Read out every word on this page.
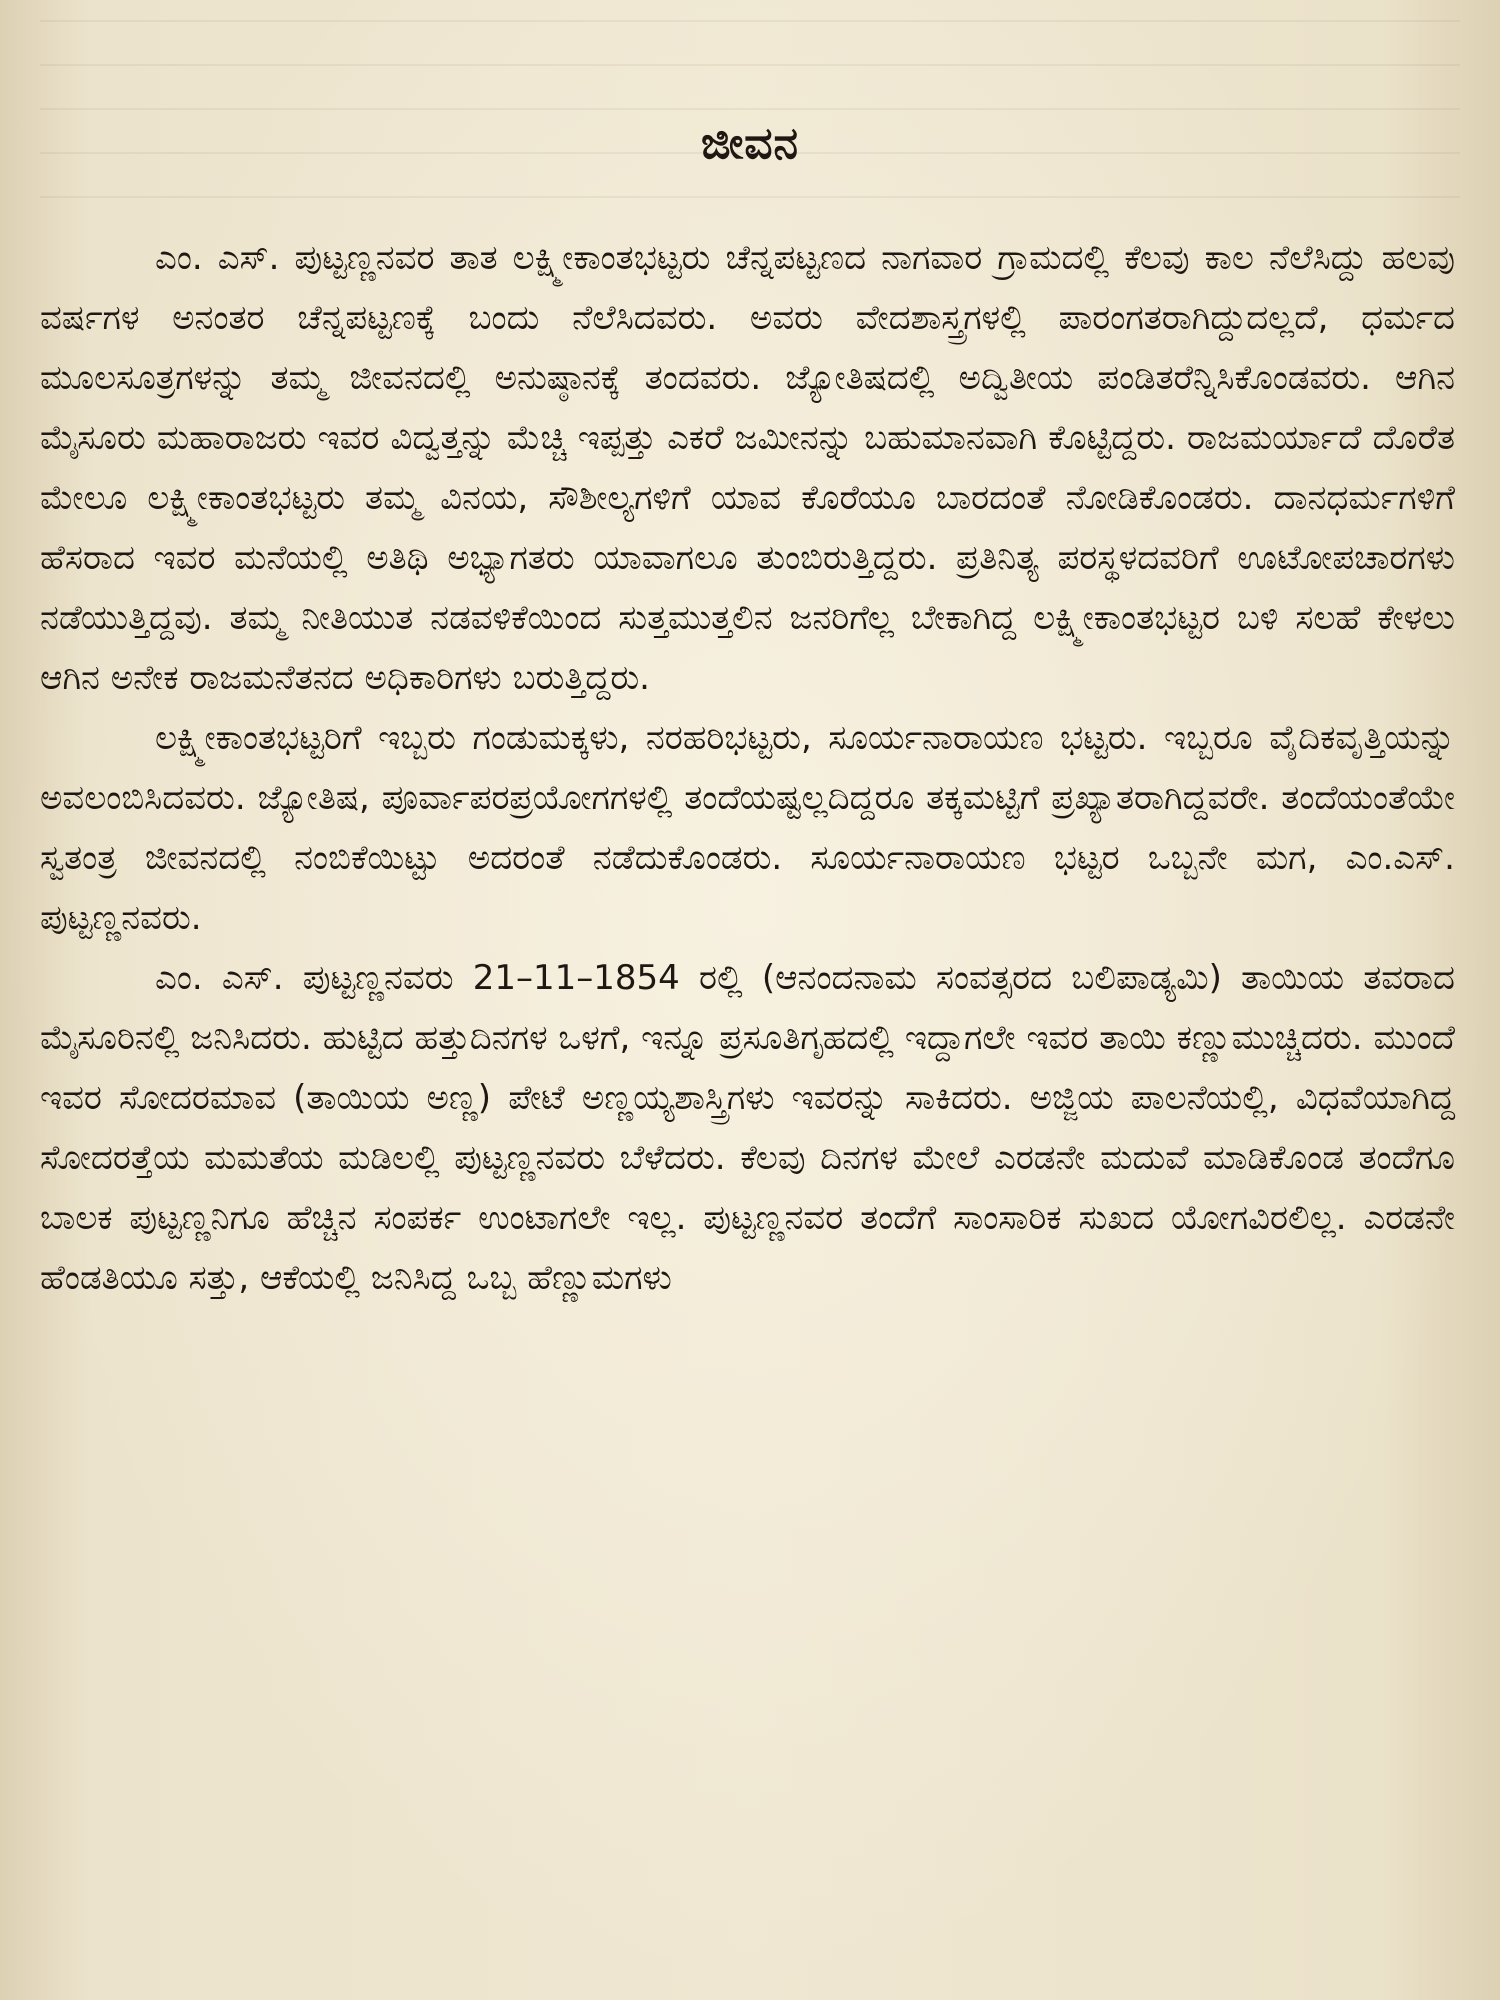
ಜೀವನ

ಎಂ. ಎಸ್. ಪುಟ್ಟಣ್ಣನವರ ತಾತ ಲಕ್ಷ್ಮೀಕಾಂತಭಟ್ಟರು ಚೆನ್ನಪಟ್ಟಣದ ನಾಗವಾರ ಗ್ರಾಮದಲ್ಲಿ ಕೆಲವು ಕಾಲ ನೆಲೆಸಿದ್ದು ಹಲವು ವರ್ಷಗಳ ಅನಂತರ ಚೆನ್ನಪಟ್ಟಣಕ್ಕೆ ಬಂದು ನೆಲೆಸಿದವರು. ಅವರು ವೇದಶಾಸ್ತ್ರಗಳಲ್ಲಿ ಪಾರಂಗತರಾಗಿದ್ದುದಲ್ಲದೆ, ಧರ್ಮದ ಮೂಲಸೂತ್ರಗಳನ್ನು ತಮ್ಮ ಜೀವನದಲ್ಲಿ ಅನುಷ್ಠಾನಕ್ಕೆ ತಂದವರು. ಜ್ಯೋತಿಷದಲ್ಲಿ ಅದ್ವಿತೀಯ ಪಂಡಿತರೆನ್ನಿಸಿಕೊಂಡವರು. ಆಗಿನ ಮೈಸೂರು ಮಹಾರಾಜರು ಇವರ ವಿದ್ವತ್ತನ್ನು ಮೆಚ್ಚಿ ಇಪ್ಪತ್ತು ಎಕರೆ ಜಮೀನನ್ನು ಬಹುಮಾನವಾಗಿ ಕೊಟ್ಟಿದ್ದರು. ರಾಜಮರ್ಯಾದೆ ದೊರೆತ ಮೇಲೂ ಲಕ್ಷ್ಮೀಕಾಂತಭಟ್ಟರು ತಮ್ಮ ವಿನಯ, ಸೌಶೀಲ್ಯಗಳಿಗೆ ಯಾವ ಕೊರೆಯೂ ಬಾರದಂತೆ ನೋಡಿಕೊಂಡರು. ದಾನಧರ್ಮಗಳಿಗೆ ಹೆಸರಾದ ಇವರ ಮನೆಯಲ್ಲಿ ಅತಿಥಿ ಅಭ್ಯಾಗತರು ಯಾವಾಗಲೂ ತುಂಬಿರುತ್ತಿದ್ದರು. ಪ್ರತಿನಿತ್ಯ ಪರಸ್ಥಳದವರಿಗೆ ಊಟೋಪಚಾರಗಳು ನಡೆಯುತ್ತಿದ್ದವು. ತಮ್ಮ ನೀತಿಯುತ ನಡವಳಿಕೆಯಿಂದ ಸುತ್ತಮುತ್ತಲಿನ ಜನರಿಗೆಲ್ಲ ಬೇಕಾಗಿದ್ದ ಲಕ್ಷ್ಮೀಕಾಂತಭಟ್ಟರ ಬಳಿ ಸಲಹೆ ಕೇಳಲು ಆಗಿನ ಅನೇಕ ರಾಜಮನೆತನದ ಅಧಿಕಾರಿಗಳು ಬರುತ್ತಿದ್ದರು.

ಲಕ್ಷ್ಮೀಕಾಂತಭಟ್ಟರಿಗೆ ಇಬ್ಬರು ಗಂಡುಮಕ್ಕಳು, ನರಹರಿಭಟ್ಟರು, ಸೂರ್ಯನಾರಾಯಣ ಭಟ್ಟರು. ಇಬ್ಬರೂ ವೈದಿಕವೃತ್ತಿಯನ್ನು ಅವಲಂಬಿಸಿದವರು. ಜ್ಯೋತಿಷ, ಪೂರ್ವಾಪರಪ್ರಯೋಗಗಳಲ್ಲಿ ತಂದೆಯಷ್ಟಲ್ಲದಿದ್ದರೂ ತಕ್ಕಮಟ್ಟಿಗೆ ಪ್ರಖ್ಯಾತರಾಗಿದ್ದವರೇ. ತಂದೆಯಂತೆಯೇ ಸ್ವತಂತ್ರ ಜೀವನದಲ್ಲಿ ನಂಬಿಕೆಯಿಟ್ಟು ಅದರಂತೆ ನಡೆದುಕೊಂಡರು. ಸೂರ್ಯನಾರಾಯಣ ಭಟ್ಟರ ಒಬ್ಬನೇ ಮಗ, ಎಂ.ಎಸ್. ಪುಟ್ಟಣ್ಣನವರು.

ಎಂ. ಎಸ್. ಪುಟ್ಟಣ್ಣನವರು 21–11–1854 ರಲ್ಲಿ (ಆನಂದನಾಮ ಸಂವತ್ಸರದ ಬಲಿಪಾಡ್ಯಮಿ) ತಾಯಿಯ ತವರಾದ ಮೈಸೂರಿನಲ್ಲಿ ಜನಿಸಿದರು. ಹುಟ್ಟಿದ ಹತ್ತುದಿನಗಳ ಒಳಗೆ, ಇನ್ನೂ ಪ್ರಸೂತಿಗೃಹದಲ್ಲಿ ಇದ್ದಾಗಲೇ ಇವರ ತಾಯಿ ಕಣ್ಣುಮುಚ್ಚಿದರು. ಮುಂದೆ ಇವರ ಸೋದರಮಾವ (ತಾಯಿಯ ಅಣ್ಣ) ಪೇಟೆ ಅಣ್ಣಯ್ಯಶಾಸ್ತ್ರಿಗಳು ಇವರನ್ನು ಸಾಕಿದರು. ಅಜ್ಜಿಯ ಪಾಲನೆಯಲ್ಲಿ, ವಿಧವೆಯಾಗಿದ್ದ ಸೋದರತ್ತೆಯ ಮಮತೆಯ ಮಡಿಲಲ್ಲಿ ಪುಟ್ಟಣ್ಣನವರು ಬೆಳೆದರು. ಕೆಲವು ದಿನಗಳ ಮೇಲೆ ಎರಡನೇ ಮದುವೆ ಮಾಡಿಕೊಂಡ ತಂದೆಗೂ ಬಾಲಕ ಪುಟ್ಟಣ್ಣನಿಗೂ ಹೆಚ್ಚಿನ ಸಂಪರ್ಕ ಉಂಟಾಗಲೇ ಇಲ್ಲ. ಪುಟ್ಟಣ್ಣನವರ ತಂದೆಗೆ ಸಾಂಸಾರಿಕ ಸುಖದ ಯೋಗವಿರಲಿಲ್ಲ. ಎರಡನೇ ಹೆಂಡತಿಯೂ ಸತ್ತು, ಆಕೆಯಲ್ಲಿ ಜನಿಸಿದ್ದ ಒಬ್ಬ ಹೆಣ್ಣುಮಗಳು
